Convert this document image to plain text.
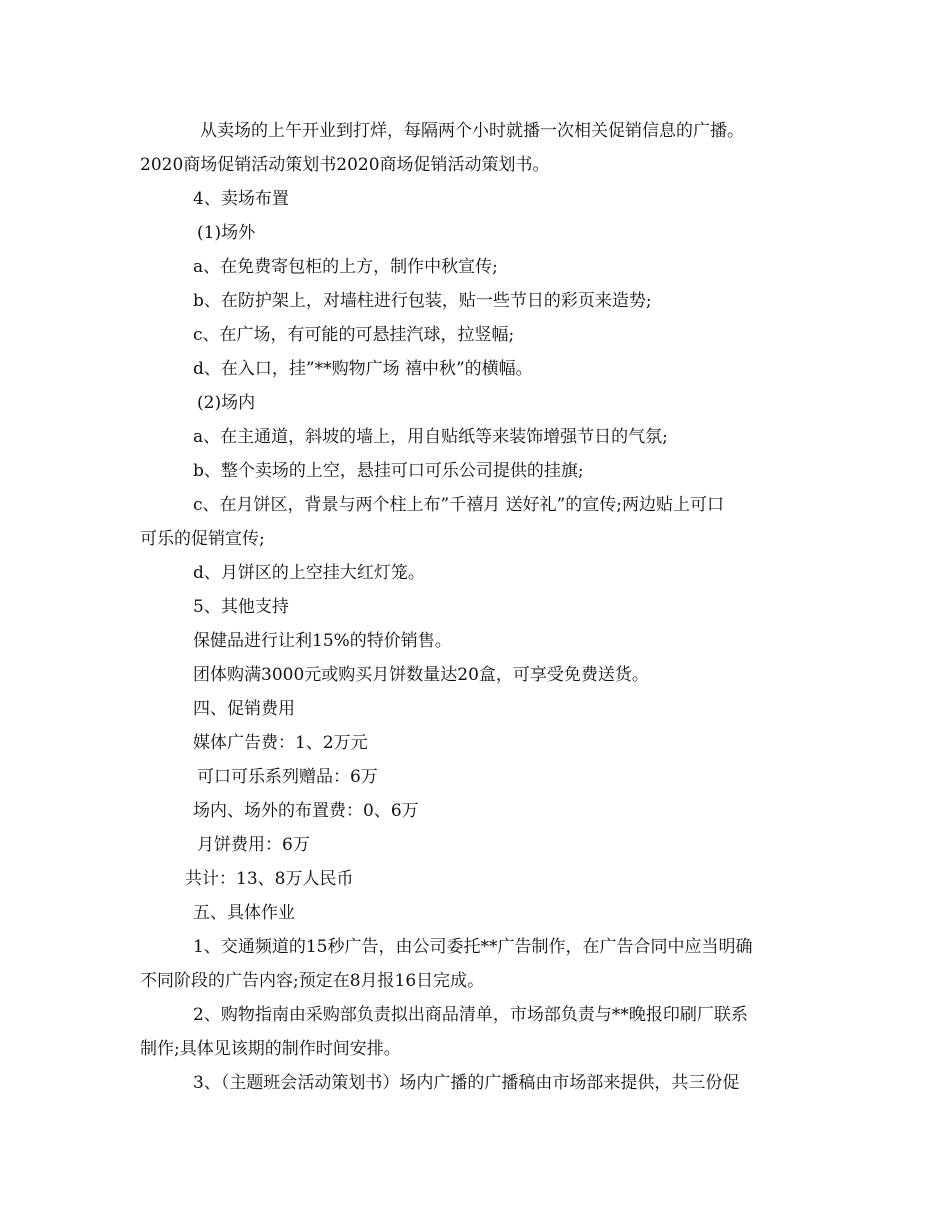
从卖场的上午开业到打烊，每隔两个小时就播一次相关促销信息的广播。
2020商场促销活动策划书2020商场促销活动策划书。
4、卖场布置
(1)场外
a、在免费寄包柜的上方，制作中秋宣传;
b、在防护架上，对墙柱进行包装，贴一些节日的彩页来造势;
c、在广场，有可能的可悬挂汽球，拉竖幅;
d、在入口，挂”**购物广场 禧中秋”的横幅。
(2)场内
a、在主通道，斜坡的墙上，用自贴纸等来装饰增强节日的气氛;
b、整个卖场的上空，悬挂可口可乐公司提供的挂旗;
c、在月饼区，背景与两个柱上布”千禧月 送好礼”的宣传;两边贴上可口
可乐的促销宣传;
d、月饼区的上空挂大红灯笼。
5、其他支持
保健品进行让利15%的特价销售。
团体购满3000元或购买月饼数量达20盒，可享受免费送货。
四、促销费用
媒体广告费：1、2万元
可口可乐系列赠品：6万
场内、场外的布置费：0、6万
月饼费用：6万
共计：13、8万人民币
五、具体作业
1、交通频道的15秒广告，由公司委托**广告制作，在广告合同中应当明确
不同阶段的广告内容;预定在8月报16日完成。
2、购物指南由采购部负责拟出商品清单，市场部负责与**晚报印刷厂联系
制作;具体见该期的制作时间安排。
3、（主题班会活动策划书）场内广播的广播稿由市场部来提供，共三份促
